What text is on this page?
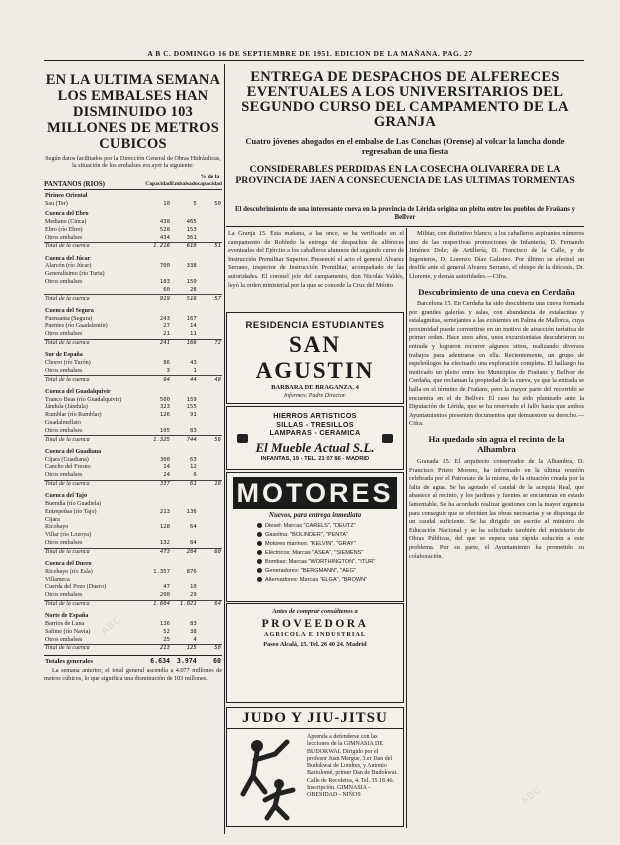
A B C. DOMINGO 16 DE SEPTIEMBRE DE 1951. EDICION DE LA MAÑANA. PAG. 27
EN LA ULTIMA SEMANA LOS EMBALSES HAN DISMINUIDO 103 MILLONES DE METROS CUBICOS
Según datos facilitados por la Dirección General de Obras Hidráulicas, la situación de los embalses era ayer la siguiente:
PANTANOS (RIOS)	Capacidad	Embalsado	% de la capacidad
Pirineo Oriental			
Sau (Ter)	10	5	50
Cuenca del Ebro			
Mediano (Cinca)	430	465	
Ebro (río Ebro)	520	153	
Otros embalses	434	361	
Total de la cuenca	1.216	618	51
Cuenca del Júcar			
Alarcón (río Júcar)	700	338	
Generalísimo (río Turia)			
Otros embalses	183	150	
	60	28	
Total de la cuenca	919	516	57
Cuenca del Segura			
Fuensanta (Segura)	243	167	
Puentes (río Guadalentín)	27	14	
Otros embalses	21	11	
Total de la cuenca	241	166	72
Sur de España			
Chorro (río Turón)	86	43	
Otros embalses	3	1	
Total de la cuenca	94	44	48
Cuenca del Guadalquivir			
Tranco Beas (río Guadalquivir)	500	159	
Jándula (Jándula)	323	155	
Rumblar (río Rumblar)	126	91	
Guadalmellato			
Otros embalses	105	83	
Total de la cuenca	1.325	744	56
Cuenca del Guadiana			
Cíjara (Guadiana)	300	63	
Cancho del Fresno	14	12	
Otros embalses	24	6	
Total de la cuenca	337	61	18
Cuenca del Tajo			
Buendía (río Guadiela)			
Entrepeñas (río Tajo)	213	136	
Cijara			
Ricobayo	128	64	
Villar (río Lozoya)			
Otros embalses	132	84	
Total de la cuenca	473	284	60
Cuenca del Duero			
Ricobayo (río Esla)	1.357	876	
Villameca			
Cuerda del Pozo (Duero)	47	10	
Otros embalses	200	29	
Total de la cuenca	1.604	1.021	64
Norte de España			
Barrios de Luna	136	83	
Salime (río Navia)	52	38	
Otros embalses	25	4	
Total de la cuenca	213	125	58
Totales generales	6.634	3.974	60
La semana anterior, el total general ascendía a 4.077 millones de metros cúbicos, lo que significa una disminución de 103 millones.
ENTREGA DE DESPACHOS DE ALFERECES EVENTUALES A LOS UNIVERSITARIOS DEL SEGUNDO CURSO DEL CAMPAMENTO DE LA GRANJA
Cuatro jóvenes ahogados en el embalse de Las Conchas (Orense) al volcar la lancha donde regresaban de una fiesta
CONSIDERABLES PERDIDAS EN LA COSECHA OLIVARERA DE LA PROVINCIA DE JAEN A CONSECUENCIA DE LAS ULTIMAS TORMENTAS
El descubrimiento de una interesante cueva en la provincia de Lérida origina un pleito entre los pueblos de Fraüans y Bellver
La Granja 15. Esta mañana, a las once, se ha verificado en el campamento de Robledo la entrega de despachos de alféreces eventuales del Ejército a los caballeros alumnos del segundo curso de Instrucción Premilitar Superior. Presenció el acto el general Alvarez Serrano, inspector de Instrucción Premilitar, acompañado de las autoridades. El coronel jefe del campamento, don Nicolás Valdés, leyó la orden ministerial por la que se concede la Cruz del Mérito

Militar, con distintivo blanco, a los caballeros aspirantes números uno de las respectivas promociones de Infantería, D. Fernando Jiménez Dolz; de Artillería, D. Francisco de la Calle, y de Ingenieros, D. Lorenzo Díaz Galisteo. Por último se efectuó un desfile ante el general Alvarez Serrano, el obispo de la diócesis, Dr. Llorente, y demás autoridades.—Cifra.

Descubrimiento de una cueva en Cerdaña

Barcelona 15. En Cerdaña ha sido descubierta una cueva formada por grandes galerías y salas, con abundancia de estalactitas y estalagmitas, semejantes a las existentes en Palma de Mallorca, cuya proximidad puede convertirse en un motivo de atracción turística de primer orden. Hace unos años, unos excursionistas descubrieron su entrada y lograron recorrer algunos sitios, realizando diversos trabajos para adentrarse en ella. Recientemente, un grupo de espeleólogos ha efectuado una exploración completa. El hallazgo ha motivado un pleito entre los Municipios de Fraüans y Bellver de Cerdaña, que reclaman la propiedad de la cueva, ya que la entrada se halla en el término de Fraüans, pero la mayor parte del recorrido se encuentra en el de Bellver. El caso ha sido planteado ante la Diputación de Lérida, que se ha reservado el fallo hasta que ambos Ayuntamientos presenten documentos que demuestren su derecho.—Cifra.

Ha quedado sin agua el recinto de la Alhambra

Granada 15. El arquitecto conservador de la Alhambra, D. Francisco Prieto Moreno, ha informado en la última reunión celebrada por el Patronato de la misma, de la situación creada por la falta de agua. Se ha agotado el caudal de la acequia Real, que abastece al recinto, y los jardines y fuentes se encuentran en estado lamentable. Se ha acordado realizar gestiones con la mayor urgencia para conseguir que se efectúen las obras necesarias y se disponga de un caudal suficiente. Se ha dirigido un escrito al ministro de Educación Nacional y se ha solicitado también del ministerio de Obras Públicas, del que se espera una rápida solución a este problema. Por su parte, el Ayuntamiento ha prometido su colaboración.

RESIDENCIA ESTUDIANTES
SAN AGUSTIN
BARBARA DE BRAGANZA, 4
Informes: Padre Director.
HIERROS ARTISTICOS
SILLAS - TRESILLOS
LAMPARAS - CERAMICA
El Mueble Actual S.L.
INFANTAS, 19 - TEL. 21 07 86 - MADRID
MOTORES
Nuevos, para entrega inmediata
Diesel: Marcas "CARELS", "DEUTZ"
Gasolina: "BOLINDER", "PENTA"
Motores marinos: "KELVIN", "GRAY"
Eléctricos: Marcas "ASEA", "SIEMENS"
Bombas: Marcas "WORTHINGTON", "ITUR"
Generadores: "BERGMANN", "AEG"
Alternadores: Marcas "ELGA", "BROWN"
Antes de comprar consúltenos a
PROVEEDORA
AGRICOLA E INDUSTRIAL
Paseo Alcalá, 15. Tel. 26 40 24. Madrid
JUDO Y JIU-JITSU
Aprenda a defenderse con las lecciones de la GIMNASIA DE BUDOKWAI. Dirigido por el profesor Juan Mergue, 3.er Dan del Budokwai de Londres, y Antonio Bartolomé, primer Dan de Budokwai. Calle de Recoletos, 4. Tel. 35 18 46. Inscripción. GIMNASIA - OBESIDAD - NIÑOS
ABC
ABC
